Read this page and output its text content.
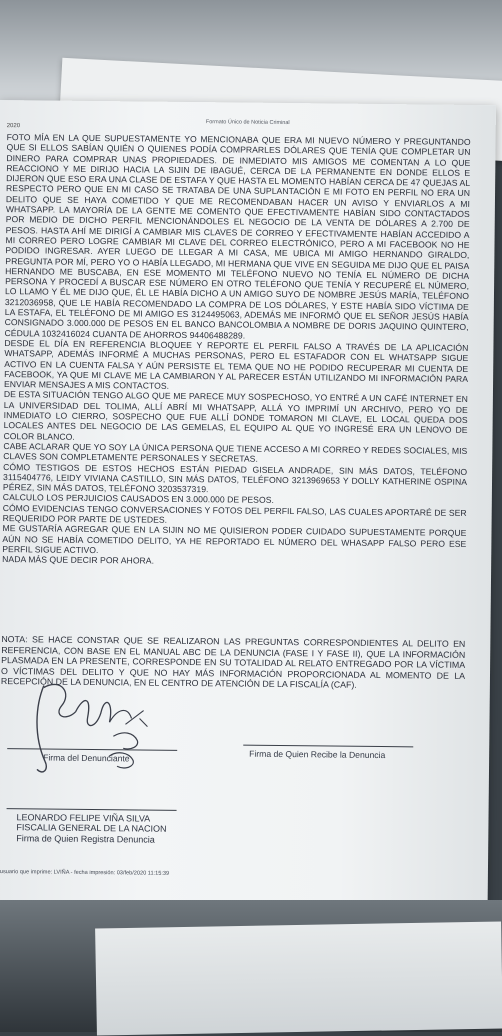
Formato Único de Noticia Criminal
2020

FOTO MÍA EN LA QUE SUPUESTAMENTE YO MENCIONABA QUE ERA MI NUEVO NÚMERO Y PREGUNTANDO QUE SI ELLOS SABÍAN QUIÉN O QUIENES PODÍA COMPRARLES DÓLARES QUE TENÍA QUE COMPLETAR UN DINERO PARA COMPRAR UNAS PROPIEDADES. DE INMEDIATO MIS AMIGOS ME COMENTAN A LO QUE REACCIONO Y ME DIRIJO HACIA LA SIJIN DE IBAGUÉ, CERCA DE LA PERMANENTE EN DONDE ELLOS E DIJERON QUE ESO ERA UNA CLASE DE ESTAFA Y QUE HASTA EL MOMENTO HABÍAN CERCA DE 47 QUEJAS AL RESPECTO PERO QUE EN MI CASO SE TRATABA DE UNA SUPLANTACIÓN E MI FOTO EN PERFIL NO ERA UN DELITO QUE SE HAYA COMETIDO Y QUE ME RECOMENDABAN HACER UN AVISO Y ENVIARLOS A MI WHATSAPP. LA MAYORÍA DE LA GENTE ME COMENTO QUE EFECTIVAMENTE HABÍAN SIDO CONTACTADOS POR MEDIO DE DICHO PERFIL MENCIONÁNDOLES EL NEGOCIO DE LA VENTA DE DÓLARES A 2.700 DE PESOS. HASTA AHÍ ME DIRIGÍ A CAMBIAR MIS CLAVES DE CORREO Y EFECTIVAMENTE HABÍAN ACCEDIDO A MI CORREO PERO LOGRE CAMBIAR MI CLAVE DEL CORREO ELECTRÓNICO, PERO A MI FACEBOOK NO HE PODIDO INGRESAR. AYER LUEGO DE LLEGAR A MI CASA, ME UBICA MI AMIGO HERNANDO GIRALDO, PREGUNTA POR MÍ, PERO YO O HABÍA LLEGADO, MI HERMANA QUE VIVE EN SEGUIDA ME DIJO QUE EL PAISA HERNANDO ME BUSCABA, EN ESE MOMENTO MI TELÉFONO NUEVO NO TENÍA EL NÚMERO DE DICHA PERSONA Y PROCEDÍ A BUSCAR ESE NÚMERO EN OTRO TELÉFONO QUE TENÍA Y RECUPERÉ EL NÚMERO, LO LLAMO Y ÉL ME DIJO QUE, ÉL LE HABÍA DICHO A UN AMIGO SUYO DE NOMBRE JESÚS MARÍA, TELÉFONO 3212036958, QUE LE HABÍA RECOMENDADO LA COMPRA DE LOS DÓLARES, Y ESTE HABÍA SIDO VÍCTIMA DE LA ESTAFA, EL TELÉFONO DE MI AMIGO ES 3124495063, ADEMÁS ME INFORMÓ QUE EL SEÑOR JESÚS HABÍA CONSIGNADO 3.000.000 DE PESOS EN EL BANCO BANCOLOMBIA A NOMBRE DE DORIS JAQUINO QUINTERO, CÉDULA 1032416024 CUANTA DE AHORROS 94406488289.

DESDE EL DÍA EN REFERENCIA BLOQUEE Y REPORTE EL PERFIL FALSO A TRAVÉS DE LA APLICACIÓN WHATSAPP, ADEMÁS INFORMÉ A MUCHAS PERSONAS, PERO EL ESTAFADOR CON EL WHATSAPP SIGUE ACTIVO EN LA CUENTA FALSA Y AÚN PERSISTE EL TEMA QUE NO HE PODIDO RECUPERAR MI CUENTA DE FACEBOOK, YA QUE MI CLAVE ME LA CAMBIARON Y AL PARECER ESTÁN UTILIZANDO MI INFORMACIÓN PARA ENVIAR MENSAJES A MIS CONTACTOS.

DE ESTA SITUACIÓN TENGO ALGO QUE ME PARECE MUY SOSPECHOSO, YO ENTRÉ A UN CAFÉ INTERNET EN LA UNIVERSIDAD DEL TOLIMA, ALLÍ ABRÍ MI WHATSAPP, ALLÁ YO IMPRIMÍ UN ARCHIVO, PERO YO DE INMEDIATO LO CIERRO, SOSPECHO QUE FUE ALLÍ DONDE TOMARON MI CLAVE, EL LOCAL QUEDA DOS LOCALES ANTES DEL NEGOCIO DE LAS GEMELAS, EL EQUIPO AL QUE YO INGRESÉ ERA UN LENOVO DE COLOR BLANCO.

CABE ACLARAR QUE YO SOY LA ÚNICA PERSONA QUE TIENE ACCESO A MI CORREO Y REDES SOCIALES, MIS CLAVES SON COMPLETAMENTE PERSONALES Y SECRETAS.

CÓMO TESTIGOS DE ESTOS HECHOS ESTÁN PIEDAD GISELA ANDRADE, SIN MÁS DATOS, TELÉFONO 3115404776, LEIDY VIVIANA CASTILLO, SIN MÁS DATOS, TELÉFONO 3213969653 Y DOLLY KATHERINE OSPINA PÉREZ, SIN MÁS DATOS, TELÉFONO 3203537319.

CALCULO LOS PERJUICIOS CAUSADOS EN 3.000.000 DE PESOS.

CÓMO EVIDENCIAS TENGO CONVERSACIONES Y FOTOS DEL PERFIL FALSO, LAS CUALES APORTARÉ DE SER REQUERIDO POR PARTE DE USTEDES.

ME GUSTARÍA AGREGAR QUE EN LA SIJIN NO ME QUISIERON PODER CUIDADO SUPUESTAMENTE PORQUE AÚN NO SE HABÍA COMETIDO DELITO, YA HE REPORTADO EL NÚMERO DEL WHASAPP FALSO PERO ESE PERFIL SIGUE ACTIVO.

NADA MÁS QUE DECIR POR AHORA.

NOTA: SE HACE CONSTAR QUE SE REALIZARON LAS PREGUNTAS CORRESPONDIENTES AL DELITO EN REFERENCIA, CON BASE EN EL MANUAL ABC DE LA DENUNCIA (FASE I Y FASE II), QUE LA INFORMACIÓN PLASMADA EN LA PRESENTE, CORRESPONDE EN SU TOTALIDAD AL RELATO ENTREGADO POR LA VÍCTIMA O VÍCTIMAS DEL DELITO Y QUE NO HAY MÁS INFORMACIÓN PROPORCIONADA AL MOMENTO DE LA RECEPCIÓN DE LA DENUNCIA, EN EL CENTRO DE ATENCIÓN DE LA FISCALÍA (CAF).
Firma del Denunciante	Firma de Quien Recibe la Denuncia
LEONARDO FELIPE VIÑA SILVA
FISCALIA GENERAL DE LA NACION
Firma de Quien Registra Denuncia
usuario que imprime: LVIÑA - fecha impresión: 03/feb/2020 11:15:39
